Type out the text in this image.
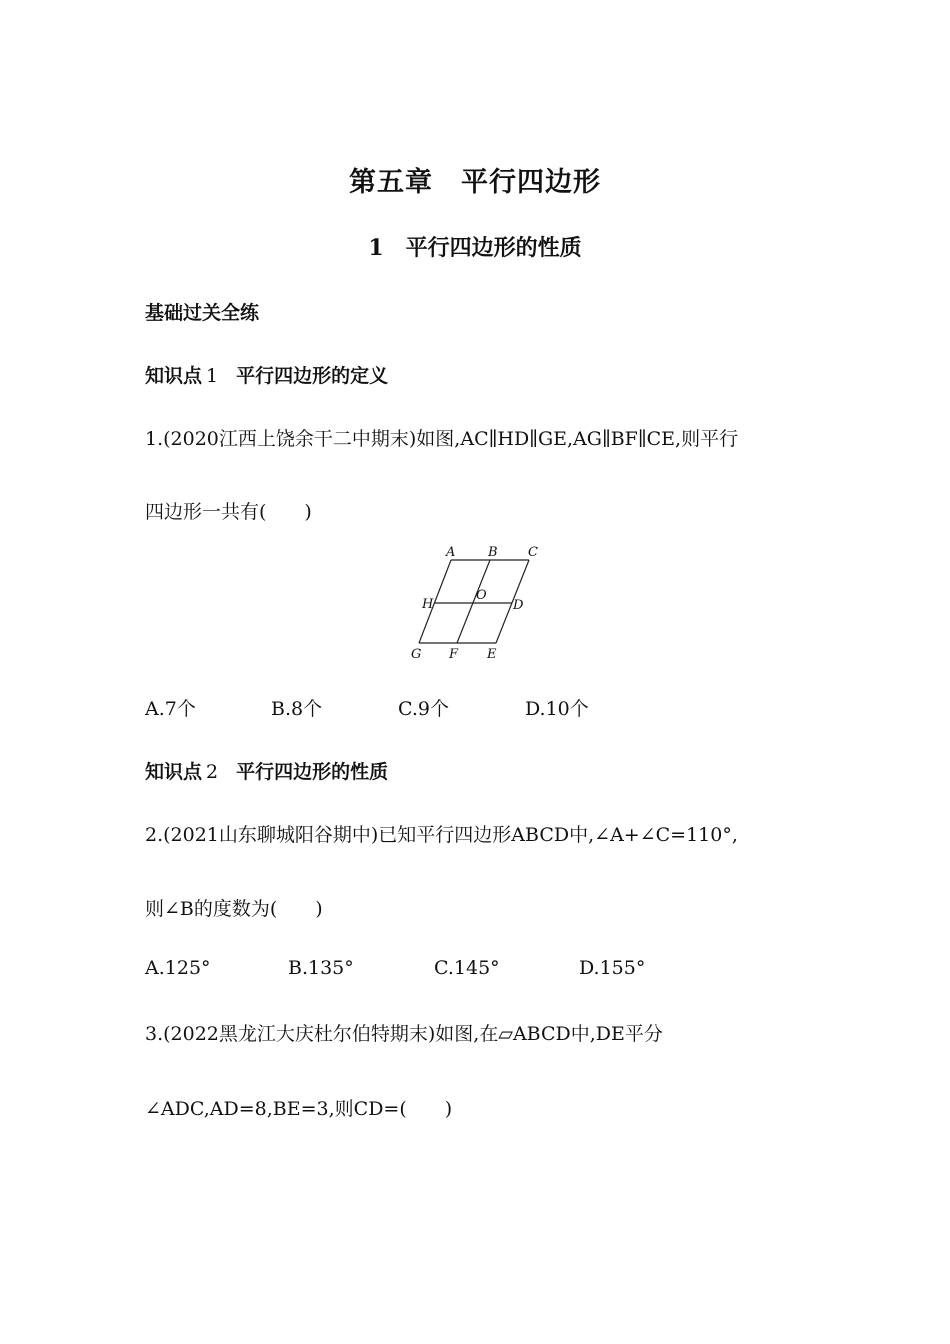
第五章　平行四边形
1 平行四边形的性质
基础过关全练
知识点 1 平行四边形的定义
1.(2020江西上饶余干二中期末)如图,AC∥HD∥GE,AG∥BF∥CE,则平行
四边形一共有(　　)
A	B C
H
O
D
G F E
A.7个	B.8个	C.9个	D.10个
知识点 2 平行四边形的性质
2.(2021山东聊城阳谷期中)已知平行四边形ABCD中,∠A+∠C=110°,
则∠B的度数为(　　)
A.125°	B.135°	C.145°	D.155°
3.(2022黑龙江大庆杜尔伯特期末)如图,在▱ABCD中,DE平分
∠ADC,AD=8,BE=3,则CD=(　　)
